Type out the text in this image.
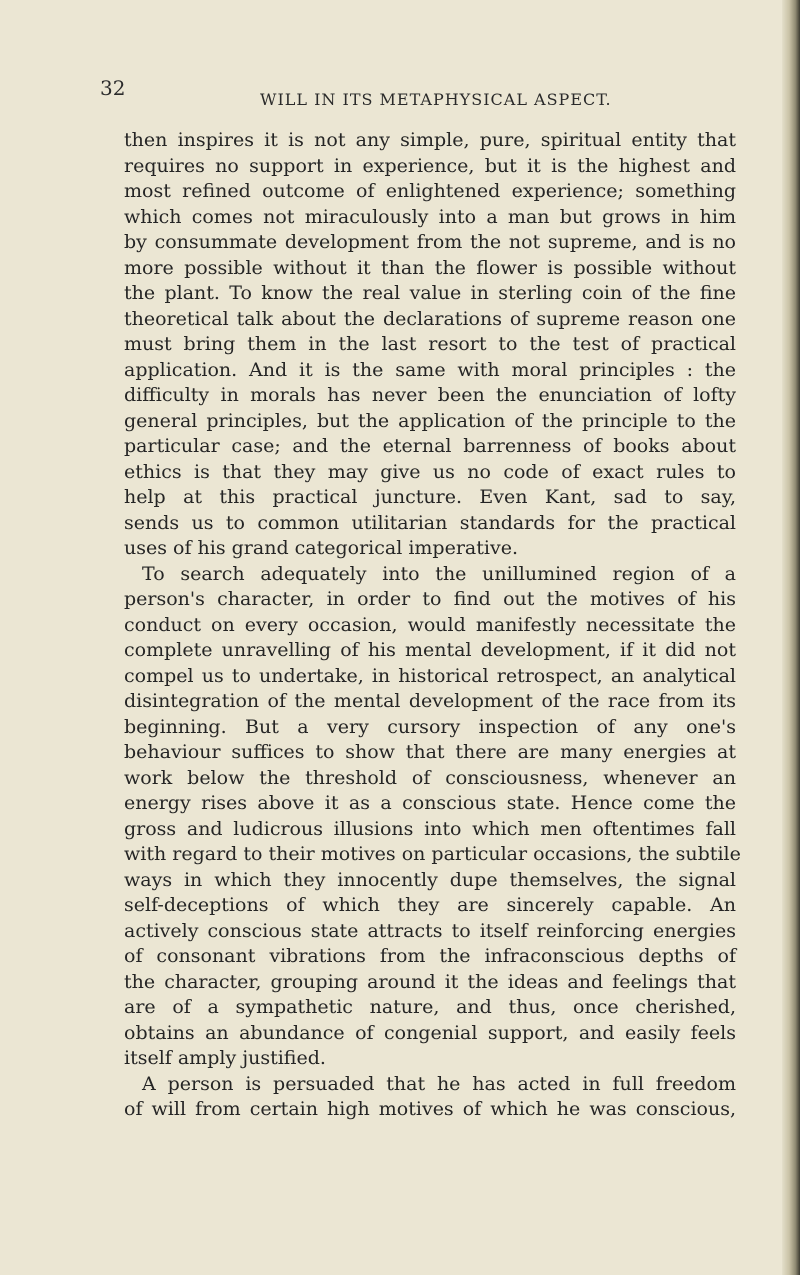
32	WILL IN ITS METAPHYSICAL ASPECT.
then inspires it is not any simple, pure, spiritual entity that
requires no support in experience, but it is the highest and
most refined outcome of enlightened experience; something
which comes not miraculously into a man but grows in him
by consummate development from the not supreme, and is no
more possible without it than the flower is possible without
the plant. To know the real value in sterling coin of the fine
theoretical talk about the declarations of supreme reason one
must bring them in the last resort to the test of practical
application. And it is the same with moral principles : the
difficulty in morals has never been the enunciation of lofty
general principles, but the application of the principle to the
particular case; and the eternal barrenness of books about
ethics is that they may give us no code of exact rules to
help at this practical juncture. Even Kant, sad to say,
sends us to common utilitarian standards for the practical
uses of his grand categorical imperative.
To search adequately into the unillumined region of a
person's character, in order to find out the motives of his
conduct on every occasion, would manifestly necessitate the
complete unravelling of his mental development, if it did not
compel us to undertake, in historical retrospect, an analytical
disintegration of the mental development of the race from its
beginning. But a very cursory inspection of any one's
behaviour suffices to show that there are many energies at
work below the threshold of consciousness, whenever an
energy rises above it as a conscious state. Hence come the
gross and ludicrous illusions into which men oftentimes fall
with regard to their motives on particular occasions, the subtile
ways in which they innocently dupe themselves, the signal
self-deceptions of which they are sincerely capable. An
actively conscious state attracts to itself reinforcing energies
of consonant vibrations from the infraconscious depths of
the character, grouping around it the ideas and feelings that
are of a sympathetic nature, and thus, once cherished,
obtains an abundance of congenial support, and easily feels
itself amply justified.
A person is persuaded that he has acted in full freedom
of will from certain high motives of which he was conscious,
